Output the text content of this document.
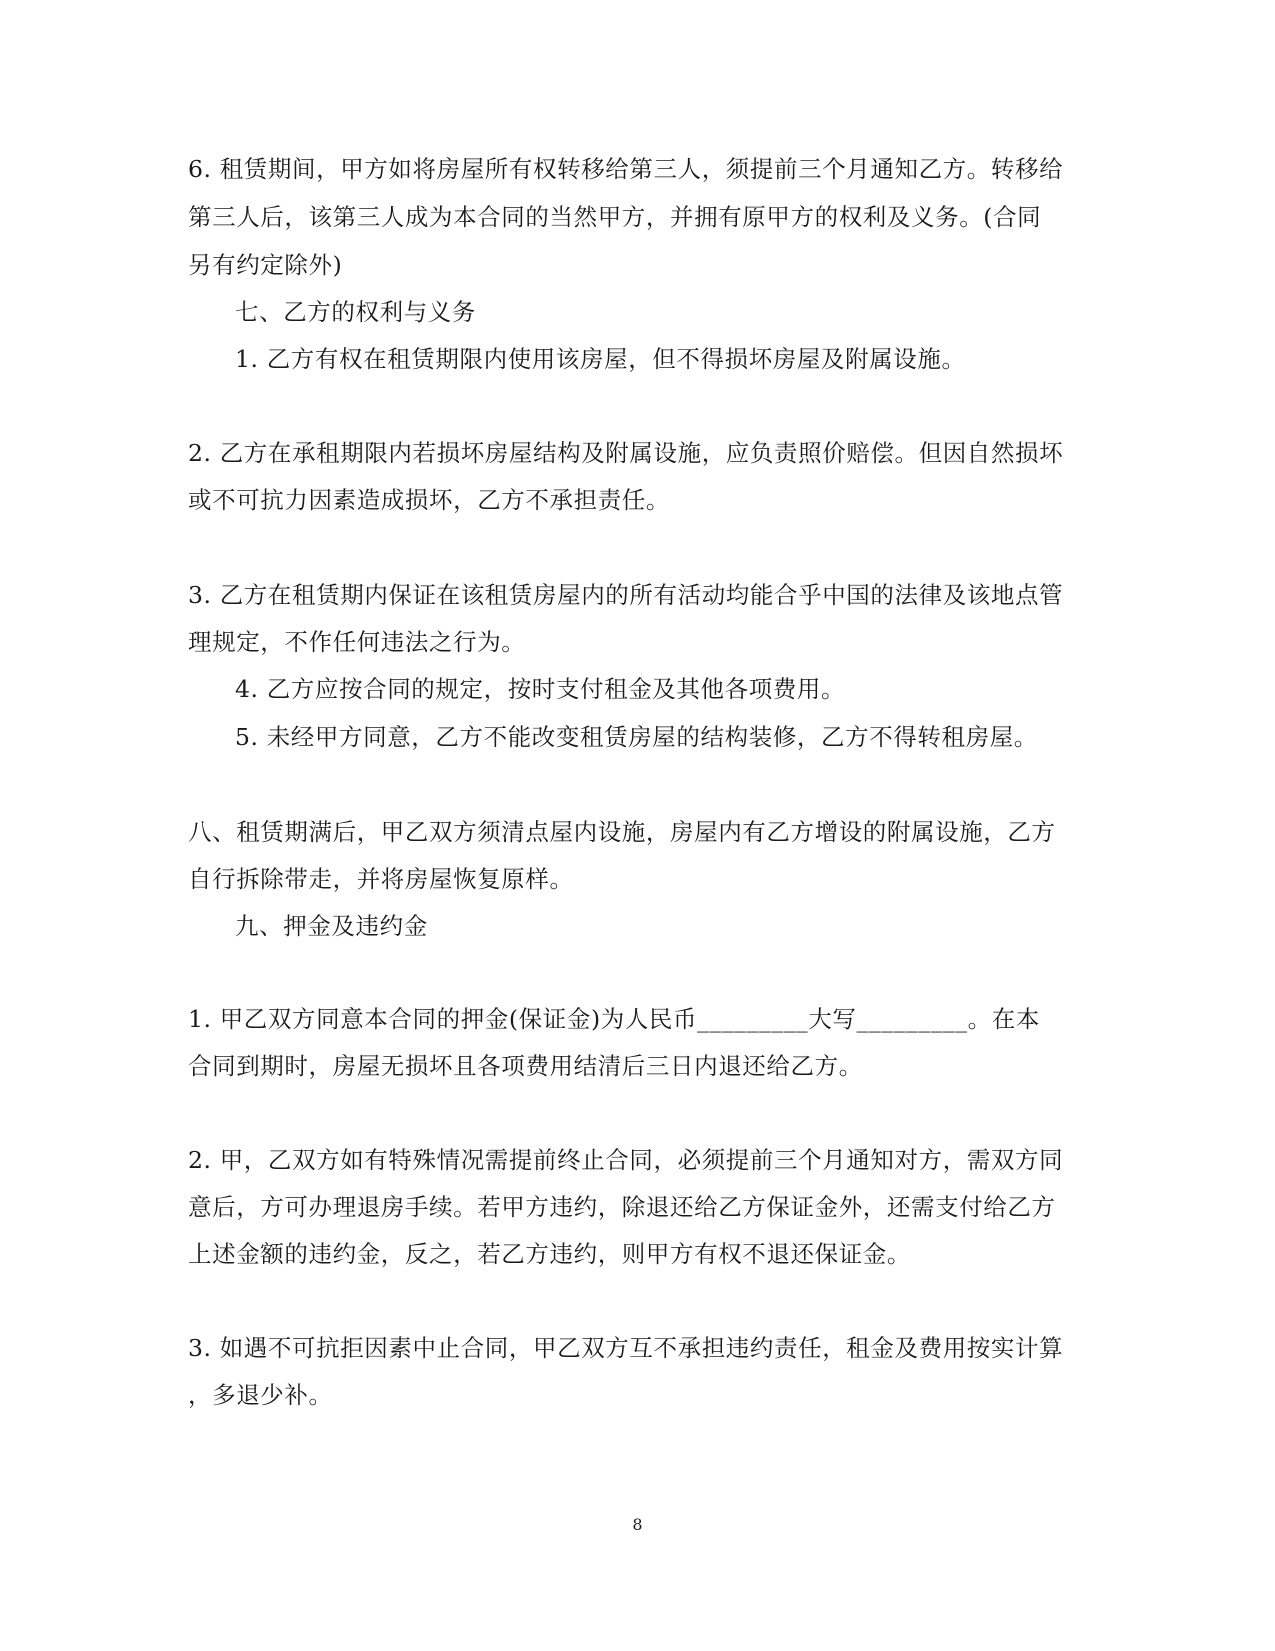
6. 租赁期间，甲方如将房屋所有权转移给第三人，须提前三个月通知乙方。转移给
第三人后，该第三人成为本合同的当然甲方，并拥有原甲方的权利及义务。(合同
另有约定除外)
七、乙方的权利与义务
1. 乙方有权在租赁期限内使用该房屋，但不得损坏房屋及附属设施。
2. 乙方在承租期限内若损坏房屋结构及附属设施，应负责照价赔偿。但因自然损坏
或不可抗力因素造成损坏，乙方不承担责任。
3. 乙方在租赁期内保证在该租赁房屋内的所有活动均能合乎中国的法律及该地点管
理规定，不作任何违法之行为。
4. 乙方应按合同的规定，按时支付租金及其他各项费用。
5. 未经甲方同意，乙方不能改变租赁房屋的结构装修，乙方不得转租房屋。
八、租赁期满后，甲乙双方须清点屋内设施，房屋内有乙方增设的附属设施，乙方
自行拆除带走，并将房屋恢复原样。
九、押金及违约金
1. 甲乙双方同意本合同的押金(保证金)为人民币_________大写_________。在本
合同到期时，房屋无损坏且各项费用结清后三日内退还给乙方。
2. 甲，乙双方如有特殊情况需提前终止合同，必须提前三个月通知对方，需双方同
意后，方可办理退房手续。若甲方违约，除退还给乙方保证金外，还需支付给乙方
上述金额的违约金，反之，若乙方违约，则甲方有权不退还保证金。
3. 如遇不可抗拒因素中止合同，甲乙双方互不承担违约责任，租金及费用按实计算
，多退少补。
8
